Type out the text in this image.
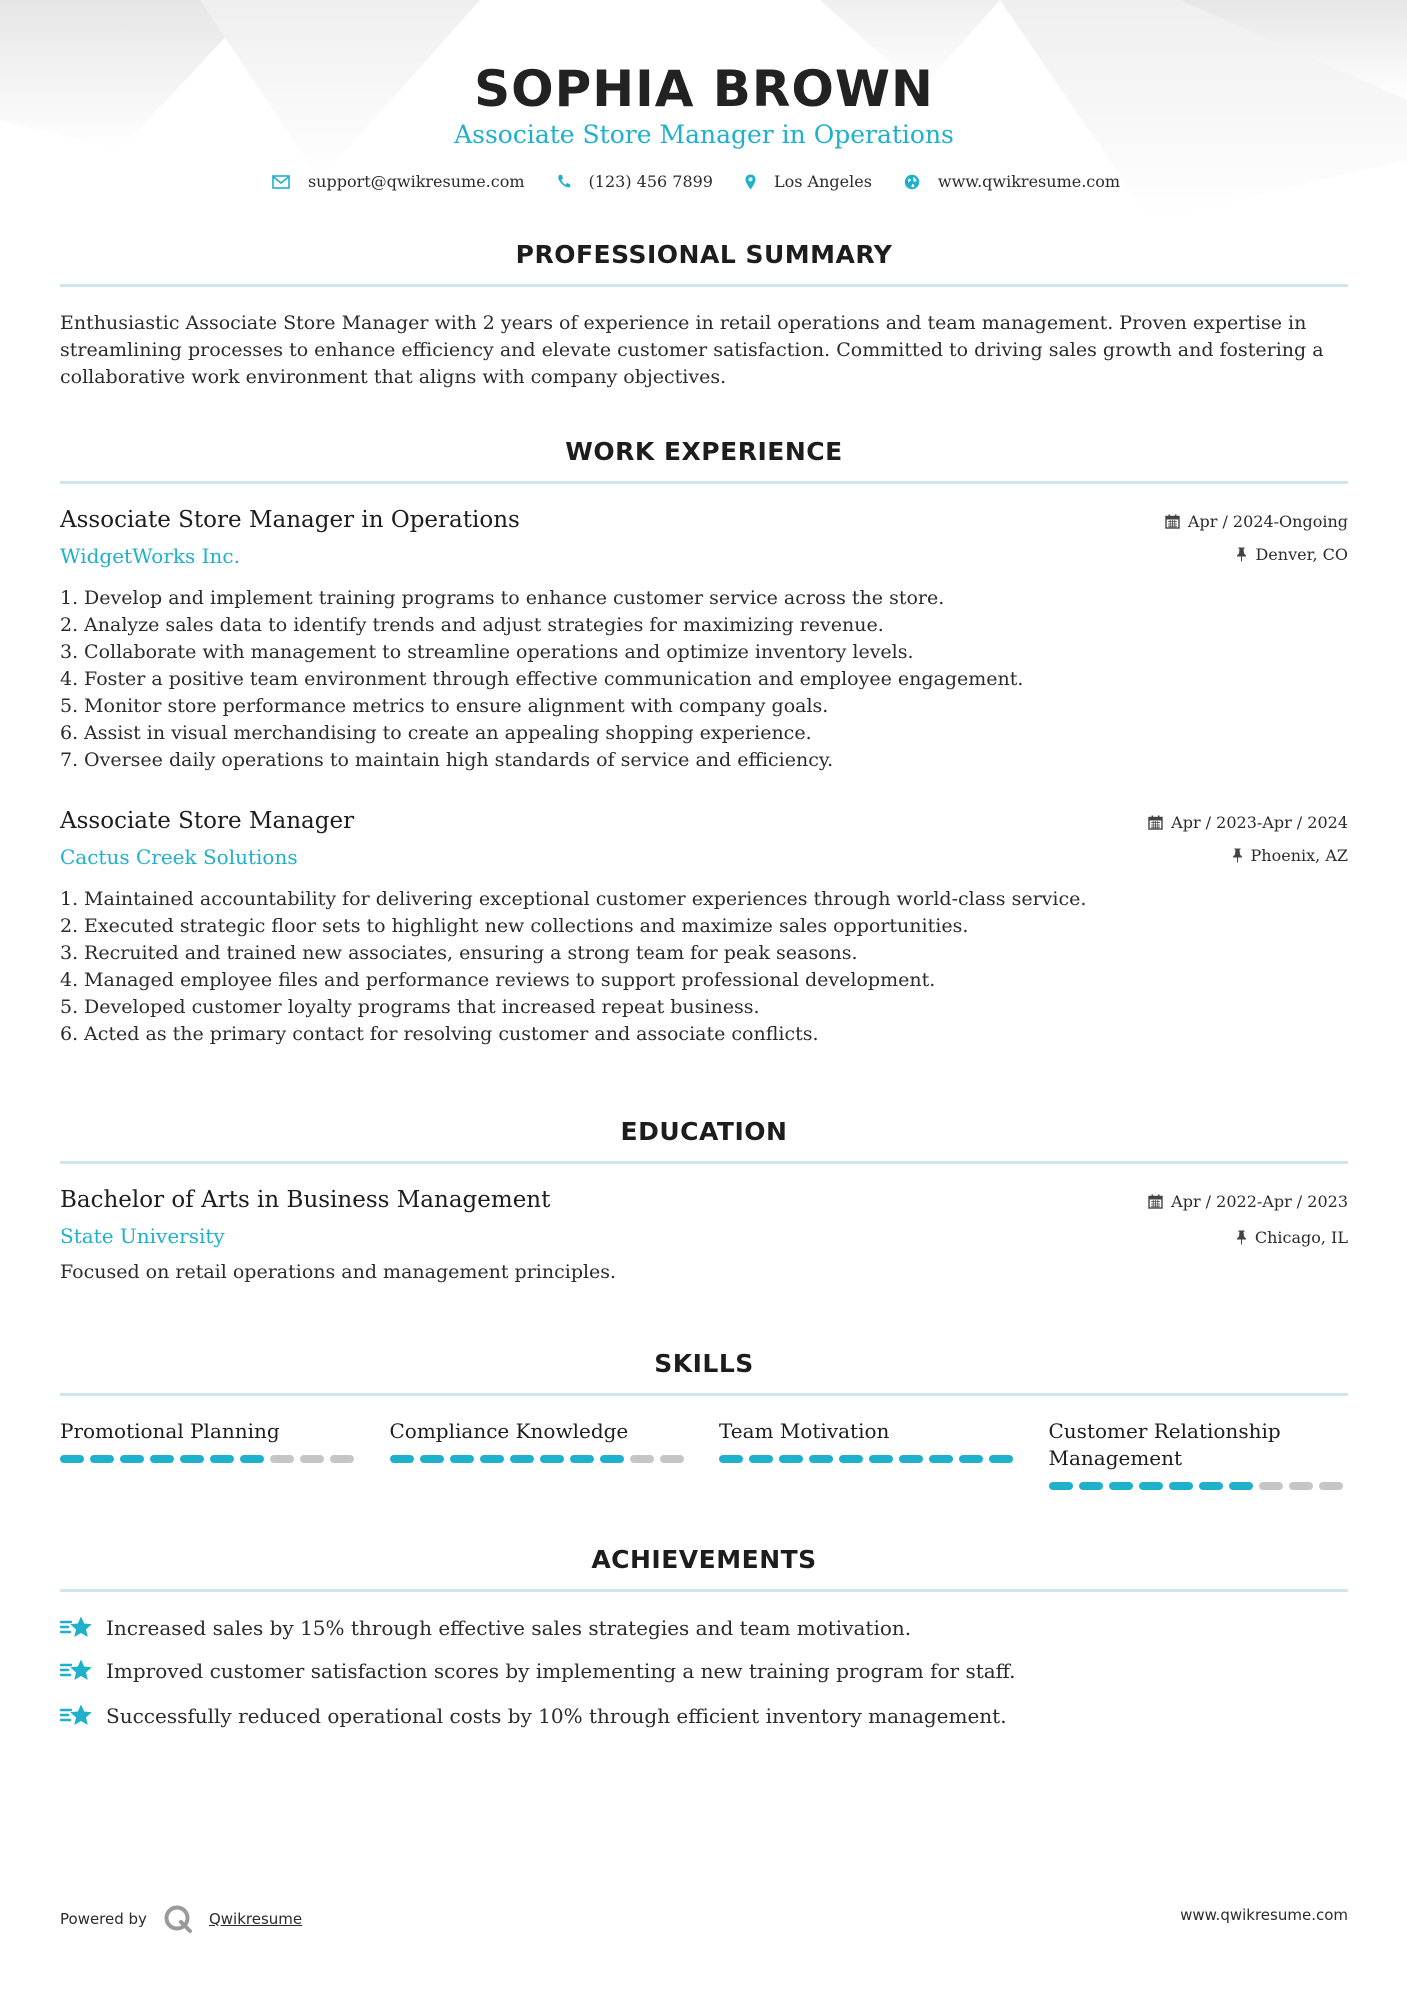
SOPHIA BROWN
Associate Store Manager in Operations
support@qwikresume.com	(123) 456 7899	Los Angeles	www.qwikresume.com
PROFESSIONAL SUMMARY

Enthusiastic Associate Store Manager with 2 years of experience in retail operations and team management. Proven expertise in streamlining processes to enhance efficiency and elevate customer satisfaction. Committed to driving sales growth and fostering a collaborative work environment that aligns with company objectives.

WORK EXPERIENCE
Associate Store Manager in Operations
WidgetWorks Inc.
Apr / 2024-Ongoing
Denver, CO
1.
Develop and implement training programs to enhance customer service across the store.
2.
Analyze sales data to identify trends and adjust strategies for maximizing revenue.
3.
Collaborate with management to streamline operations and optimize inventory levels.
4.
Foster a positive team environment through effective communication and employee engagement.
5.
Monitor store performance metrics to ensure alignment with company goals.
6.
Assist in visual merchandising to create an appealing shopping experience.
7.
Oversee daily operations to maintain high standards of service and efficiency.
Associate Store Manager
Cactus Creek Solutions
Apr / 2023-Apr / 2024
Phoenix, AZ
1.
Maintained accountability for delivering exceptional customer experiences through world-class service.
2.
Executed strategic floor sets to highlight new collections and maximize sales opportunities.
3.
Recruited and trained new associates, ensuring a strong team for peak seasons.
4.
Managed employee files and performance reviews to support professional development.
5.
Developed customer loyalty programs that increased repeat business.
6.
Acted as the primary contact for resolving customer and associate conflicts.
EDUCATION
Bachelor of Arts in Business Management
State University
Apr / 2022-Apr / 2023
Chicago, IL
Focused on retail operations and management principles.
SKILLS
Promotional Planning	Compliance Knowledge	Team Motivation	Customer Relationship Management
ACHIEVEMENTS
Increased sales by 15% through effective sales strategies and team motivation.
Improved customer satisfaction scores by implementing a new training program for staff.
Successfully reduced operational costs by 10% through efficient inventory management.
Powered by	Qwikresume	www.qwikresume.com
